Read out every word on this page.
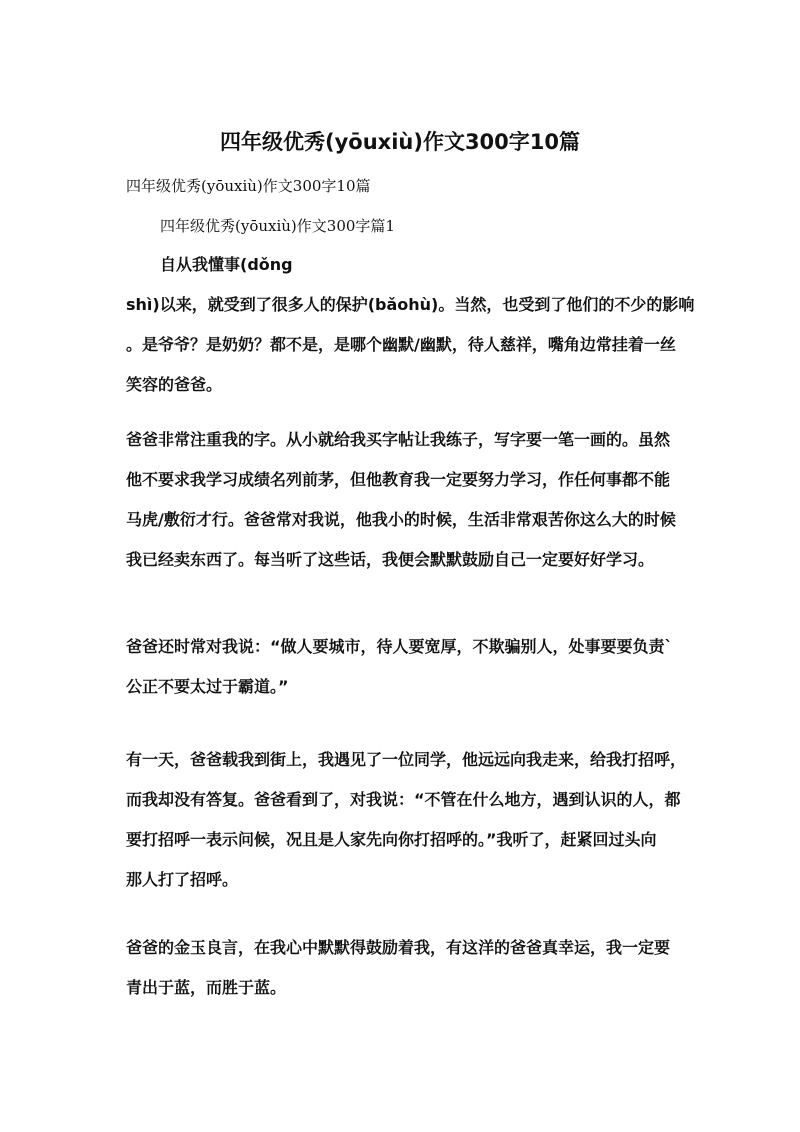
四年级优秀(yōuxiù)作文300字10篇
四年级优秀(yōuxiù)作文300字10篇
四年级优秀(yōuxiù)作文300字篇1
自从我懂事(dǒng
shì)以来，就受到了很多人的保护(bǎohù)。当然，也受到了他们的不少的影响
。是爷爷？是奶奶？都不是，是哪个幽默/幽默，待人慈祥，嘴角边常挂着一丝
笑容的爸爸。
爸爸非常注重我的字。从小就给我买字帖让我练子，写字要一笔一画的。虽然
他不要求我学习成绩名列前茅，但他教育我一定要努力学习，作任何事都不能
马虎/敷衍才行。爸爸常对我说，他我小的时候，生活非常艰苦你这么大的时候
我已经卖东西了。每当听了这些话，我便会默默鼓励自己一定要好好学习。
爸爸还时常对我说：“做人要城市，待人要宽厚，不欺骗别人，处事要要负责`
公正不要太过于霸道。”
有一天，爸爸载我到街上，我遇见了一位同学，他远远向我走来，给我打招呼，
而我却没有答复。爸爸看到了，对我说：“不管在什么地方，遇到认识的人，都
要打招呼一表示问候，况且是人家先向你打招呼的。”我听了，赶紧回过头向
那人打了招呼。
爸爸的金玉良言，在我心中默默得鼓励着我，有这洋的爸爸真幸运，我一定要
青出于蓝，而胜于蓝。
